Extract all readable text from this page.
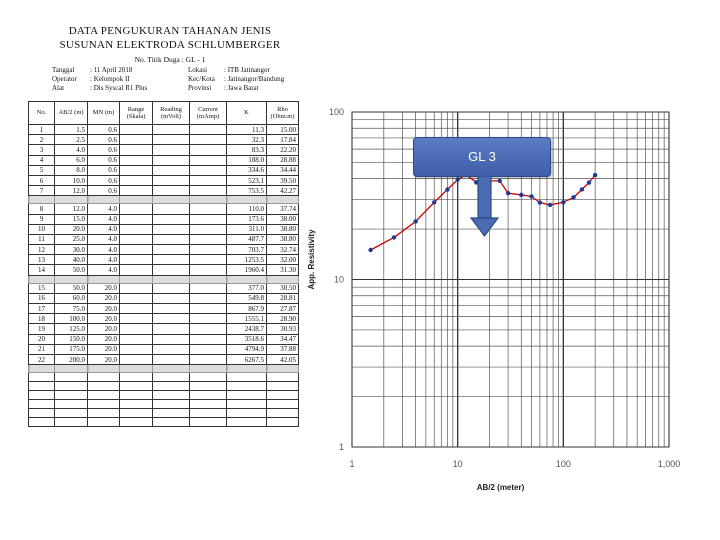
DATA PENGUKURAN TAHANAN JENIS
SUSUNAN ELEKTRODA SCHLUMBERGER
No. Titik Duga : GL - 1
Tanggal : 11 April 2018
Operator : Kelompok II
Alat	: Dis Syscal R1 Plus
Lokasi : ITB Jatinangor
Kec/Kota : Jatinangor/Bandung
Provinsi : Jawa Barat
No.	AB/2 (m)	MN (m)	Range (Skala)	Reading (mVolt)	Current (mAmp)	K	Rho (Ohm.m)
1	1.5	0.6				11.3	15.00
2	2.5	0.6				32.3	17.84
3	4.0	0.6				83.3	22.20
4	6.0	0.6				188.0	28.88
5	8.0	0.6				334.6	34.44
6	10.0	0.6				523.1	39.50
7	12.0	0.6				753.5	42.27

8	12.0	4.0				110.0	37.74
9	15.0	4.0				173.6	38.00
10	20.0	4.0				311.0	38.80
11	25.0	4.0				487.7	38.80
12	30.0	4.0				703.7	32.74
13	40.0	4.0				1253.5	32.00
14	50.0	4.0				1960.4	31.30

15	50.0	20.0				377.0	30.50
16	60.0	20.0				549.8	28.81
17	75.0	20.0				867.9	27.87
18	100.0	20.0				1555.1	28.90
19	125.0	20.0				2438.7	30.93
20	150.0	20.0				3518.6	34.47
21	175.0	20.0				4794.9	37.88
22	200.0	20.0				6267.5	42.05

1
10
100
1	10	100	1,000
AB/2 (meter)
App. Resistivity
GL 3
